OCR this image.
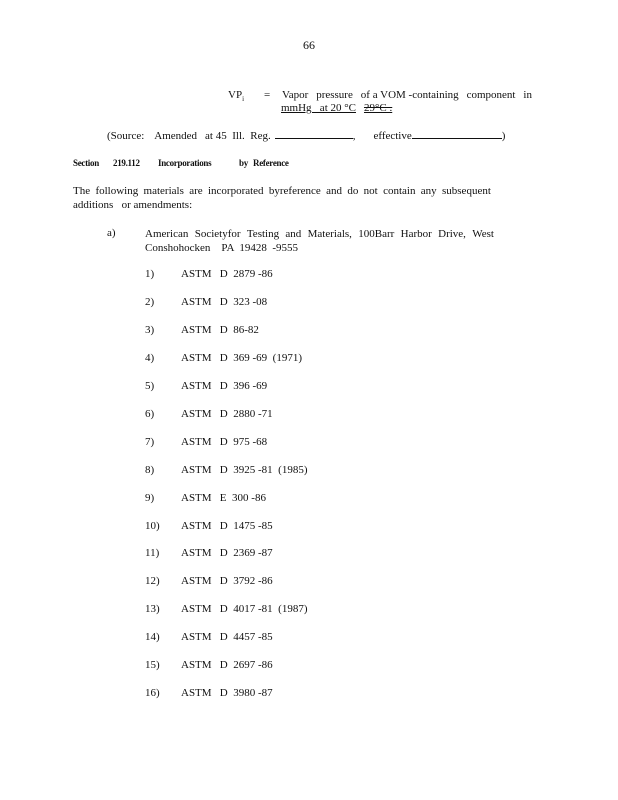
66
$VP_i$ = Vapor pressure of a VOM -containing component in
mmHg   at 20 °C 29°C .
(Source: Amended at 45  Ill.  Reg.	, effective	)
Section 219.112 Incorporations	by Reference
The following materials are incorporated byreference and do not contain any subsequent
additions   or amendments:
a)	American Societyfor Testing and Materials, 100Barr Harbor Drive, West
Conshohocken    PA  19428  -9555
1)	ASTM   D  2879 -86
2)	ASTM   D  323 -08
3)	ASTM   D  86-82
4)	ASTM   D  369 -69  (1971)
5)	ASTM   D  396 -69
6)	ASTM   D  2880 -71
7)	ASTM   D  975 -68
8)	ASTM   D  3925 -81  (1985)
9)	ASTM   E  300 -86
10)	ASTM   D  1475 -85
11)	ASTM   D  2369 -87
12)	ASTM   D  3792 -86
13)	ASTM   D  4017 -81  (1987)
14)	ASTM   D  4457 -85
15)	ASTM   D  2697 -86
16)	ASTM   D  3980 -87
